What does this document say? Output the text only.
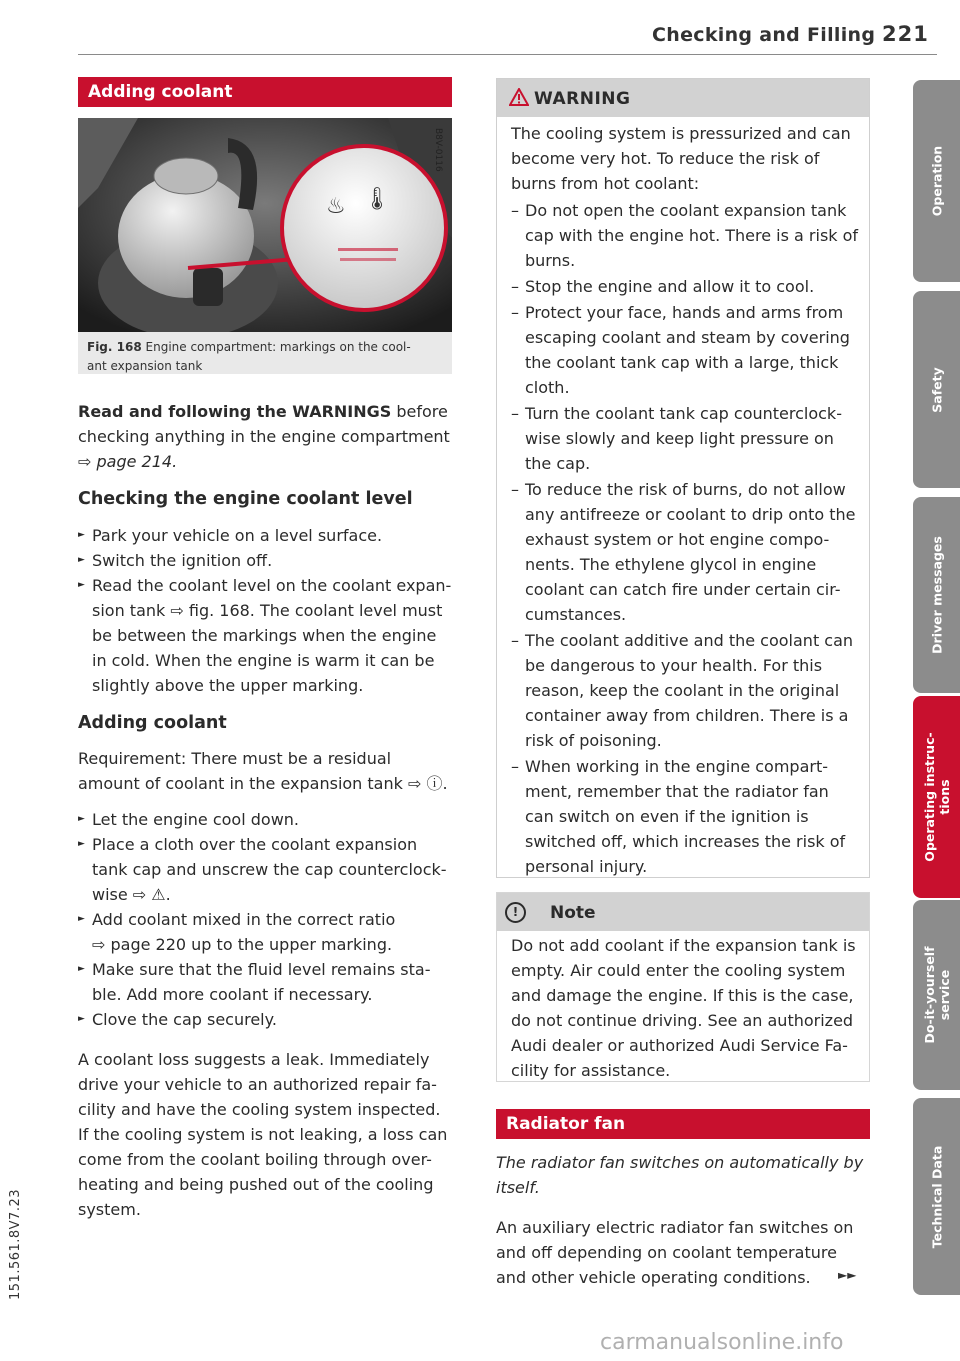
Checking and Filling 221
Adding coolant
♨ 🌡
B8V-0116
Fig. 168 Engine compartment: markings on the cool-
ant expansion tank
Read and following the WARNINGS before
checking anything in the engine compartment
⇨ page 214.
Checking the engine coolant level
► Park your vehicle on a level surface.

► Switch the ignition off.

► Read the coolant level on the coolant expan-
sion tank ⇨ fig. 168. The coolant level must
be between the markings when the engine
in cold. When the engine is warm it can be
slightly above the upper marking.

Adding coolant
Requirement: There must be a residual
amount of coolant in the expansion tank ⇨ ⓘ.
► Let the engine cool down.

► Place a cloth over the coolant expansion
tank cap and unscrew the cap counterclock-
wise ⇨ ⚠.

► Add coolant mixed in the correct ratio
⇨ page 220 up to the upper marking.

► Make sure that the fluid level remains sta-
ble. Add more coolant if necessary.

► Clove the cap securely.

A coolant loss suggests a leak. Immediately
drive your vehicle to an authorized repair fa-
cility and have the cooling system inspected.
If the cooling system is not leaking, a loss can
come from the coolant boiling through over-
heating and being pushed out of the cooling
system.

WARNING
The cooling system is pressurized and can
become very hot. To reduce the risk of
burns from hot coolant:

– Do not open the coolant expansion tank
cap with the engine hot. There is a risk of
burns.

– Stop the engine and allow it to cool.

– Protect your face, hands and arms from
escaping coolant and steam by covering
the coolant tank cap with a large, thick
cloth.

– Turn the coolant tank cap counterclock-
wise slowly and keep light pressure on
the cap.

– To reduce the risk of burns, do not allow
any antifreeze or coolant to drip onto the
exhaust system or hot engine compo-
nents. The ethylene glycol in engine
coolant can catch fire under certain cir-
cumstances.

– The coolant additive and the coolant can
be dangerous to your health. For this
reason, keep the coolant in the original
container away from children. There is a
risk of poisoning.

– When working in the engine compart-
ment, remember that the radiator fan
can switch on even if the ignition is
switched off, which increases the risk of
personal injury.

!	Note
Do not add coolant if the expansion tank is
empty. Air could enter the cooling system
and damage the engine. If this is the case,
do not continue driving. See an authorized
Audi dealer or authorized Audi Service Fa-
cility for assistance.

Radiator fan
The radiator fan switches on automatically by
itself.

An auxiliary electric radiator fan switches on
and off depending on coolant temperature
and other vehicle operating conditions.	►►
Operation
Safety
Driver messages
Operating instruc-
tions
Do-it-yourself
service
Technical Data
151.561.8V7.23
carmanualsonline.info
